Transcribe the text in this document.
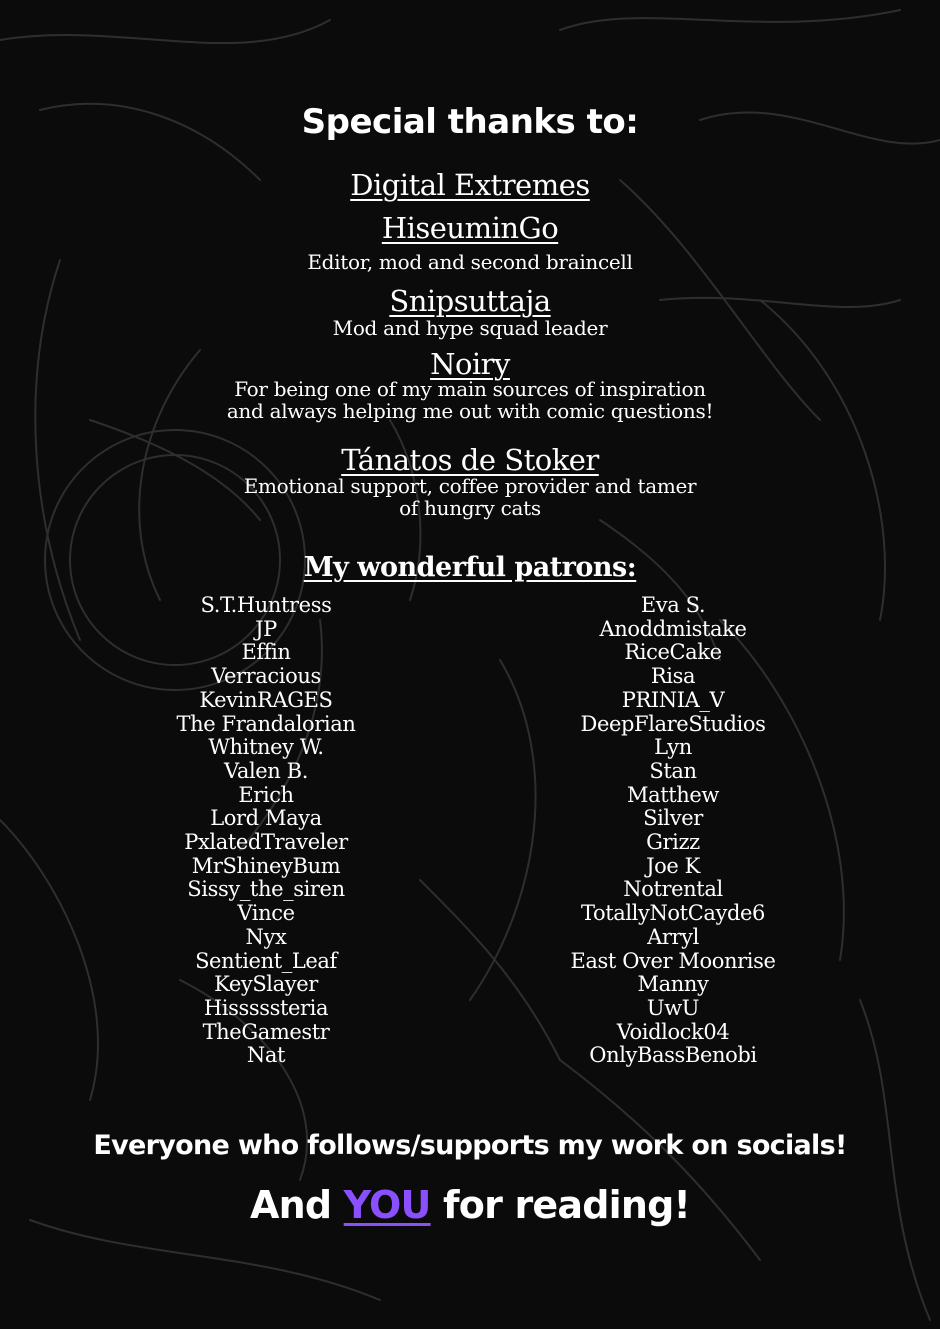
Special thanks to:
Digital Extremes
HiseuminGo
Editor, mod and second braincell
Snipsuttaja
Mod and hype squad leader
Noiry
For being one of my main sources of inspiration
and always helping me out with comic questions!
Tánatos de Stoker
Emotional support, coffee provider and tamer
of hungry cats
My wonderful patrons:
S.T.Huntress
JP
Effin
Verracious
KevinRAGES
The Frandalorian
Whitney W.
Valen B.
Erich
Lord Maya
PxlatedTraveler
MrShineyBum
Sissy_the_siren
Vince
Nyx
Sentient_Leaf
KeySlayer
Hisssssteria
TheGamestr
Nat
Eva S.
Anoddmistake
RiceCake
Risa
PRINIA_V
DeepFlareStudios
Lyn
Stan
Matthew
Silver
Grizz
Joe K
Notrental
TotallyNotCayde6
Arryl
East Over Moonrise
Manny
UwU
Voidlock04
OnlyBassBenobi
Everyone who follows/supports my work on socials!
And YOU for reading!
